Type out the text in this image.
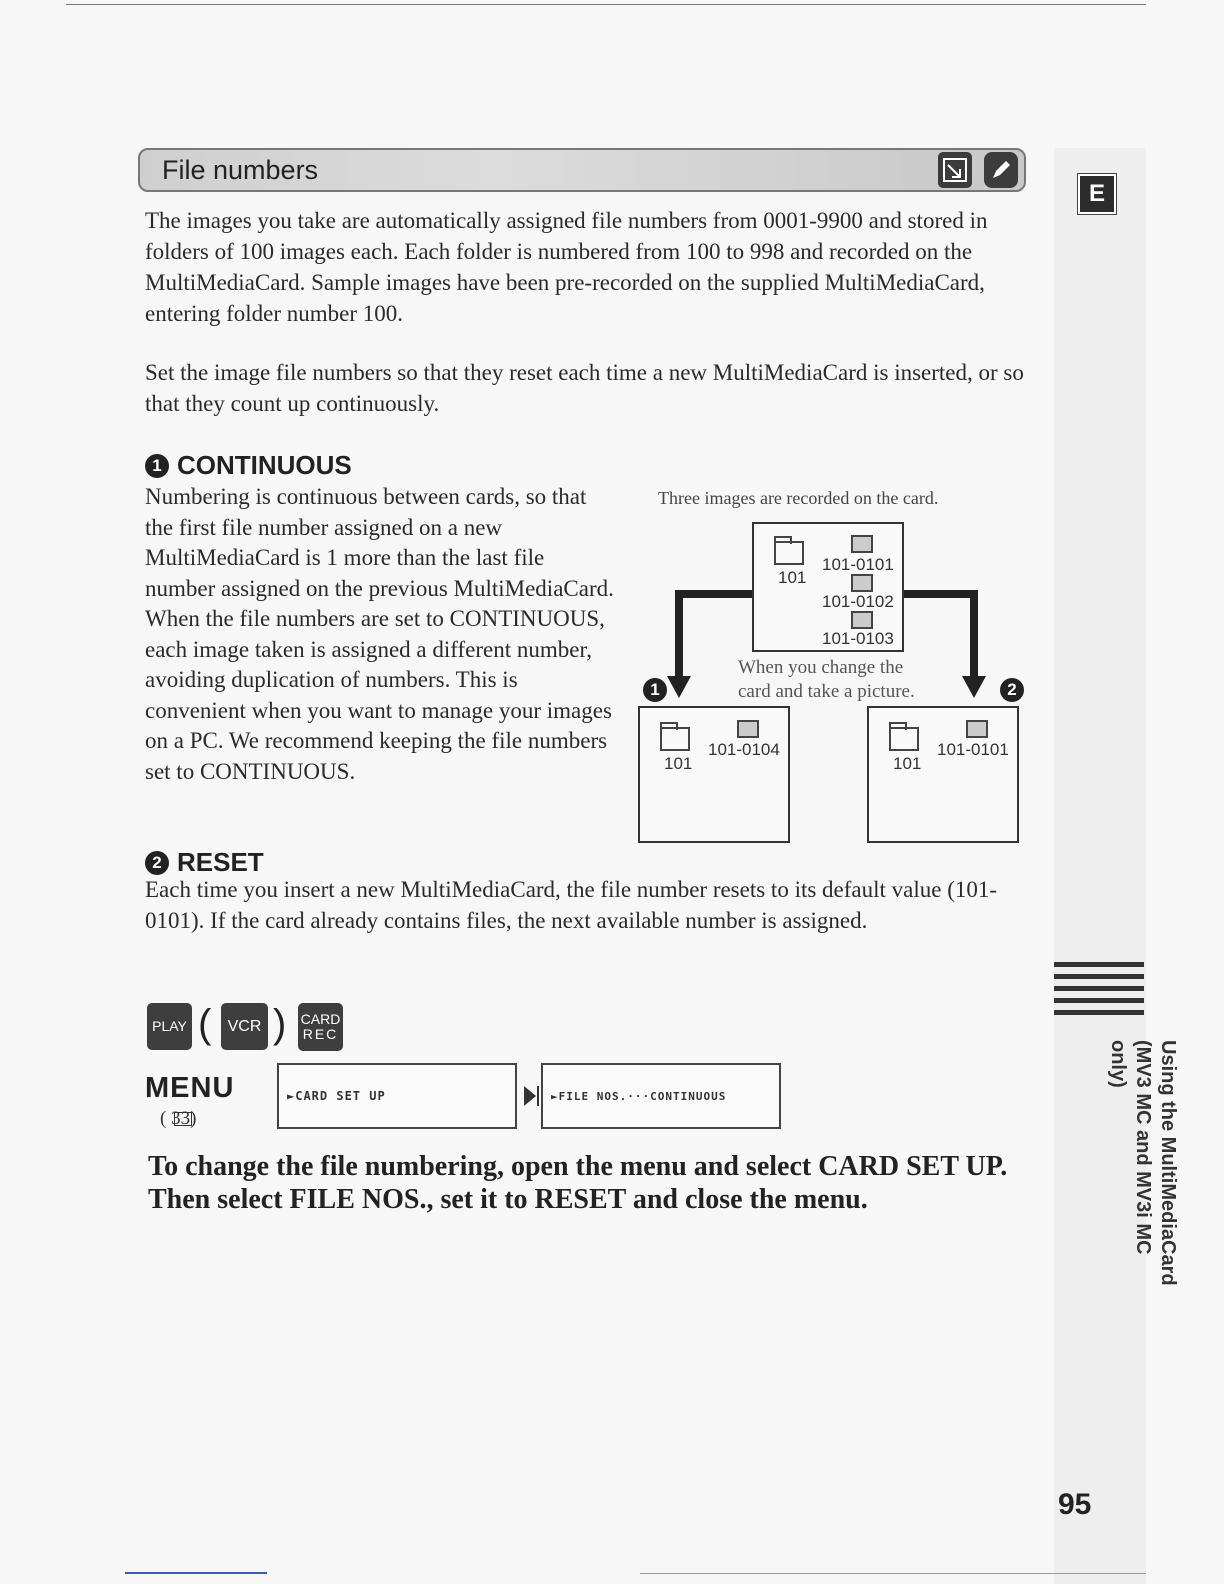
File numbers
E

The images you take are automatically assigned file numbers from 0001-9900 and stored in folders of 100 images each. Each folder is numbered from 100 to 998 and recorded on the MultiMediaCard. Sample images have been pre-recorded on the supplied MultiMediaCard, entering folder number 100.

Set the image file numbers so that they reset each time a new MultiMediaCard is inserted, or so that they count up continuously.

1 CONTINUOUS

Numbering is continuous between cards, so that the first file number assigned on a new MultiMediaCard is 1 more than the last file number assigned on the previous MultiMediaCard. When the file numbers are set to CONTINUOUS, each image taken is assigned a different number, avoiding duplication of numbers. This is convenient when you want to manage your images on a PC. We recommend keeping the file numbers set to CONTINUOUS.

Three images are recorded on the card.
101
101-0101
101-0102
101-0103
When you change the
card and take a picture.
1	2
101
101-0104
101
101-0101
2 RESET

Each time you insert a new MultiMediaCard, the file number resets to its default value (101-0101). If the card already contains files, the next available number is assigned.

PLAY (	VCR ) CARD
REC
MENU
( 33)
►CARD SET UP	►FILE NOS.···CONTINUOUS

To change the file numbering, open the menu and select CARD SET UP. Then select FILE NOS., set it to RESET and close the menu.	Using the MultiMediaCard
(MV3 MC and MV3i MC only)
95
